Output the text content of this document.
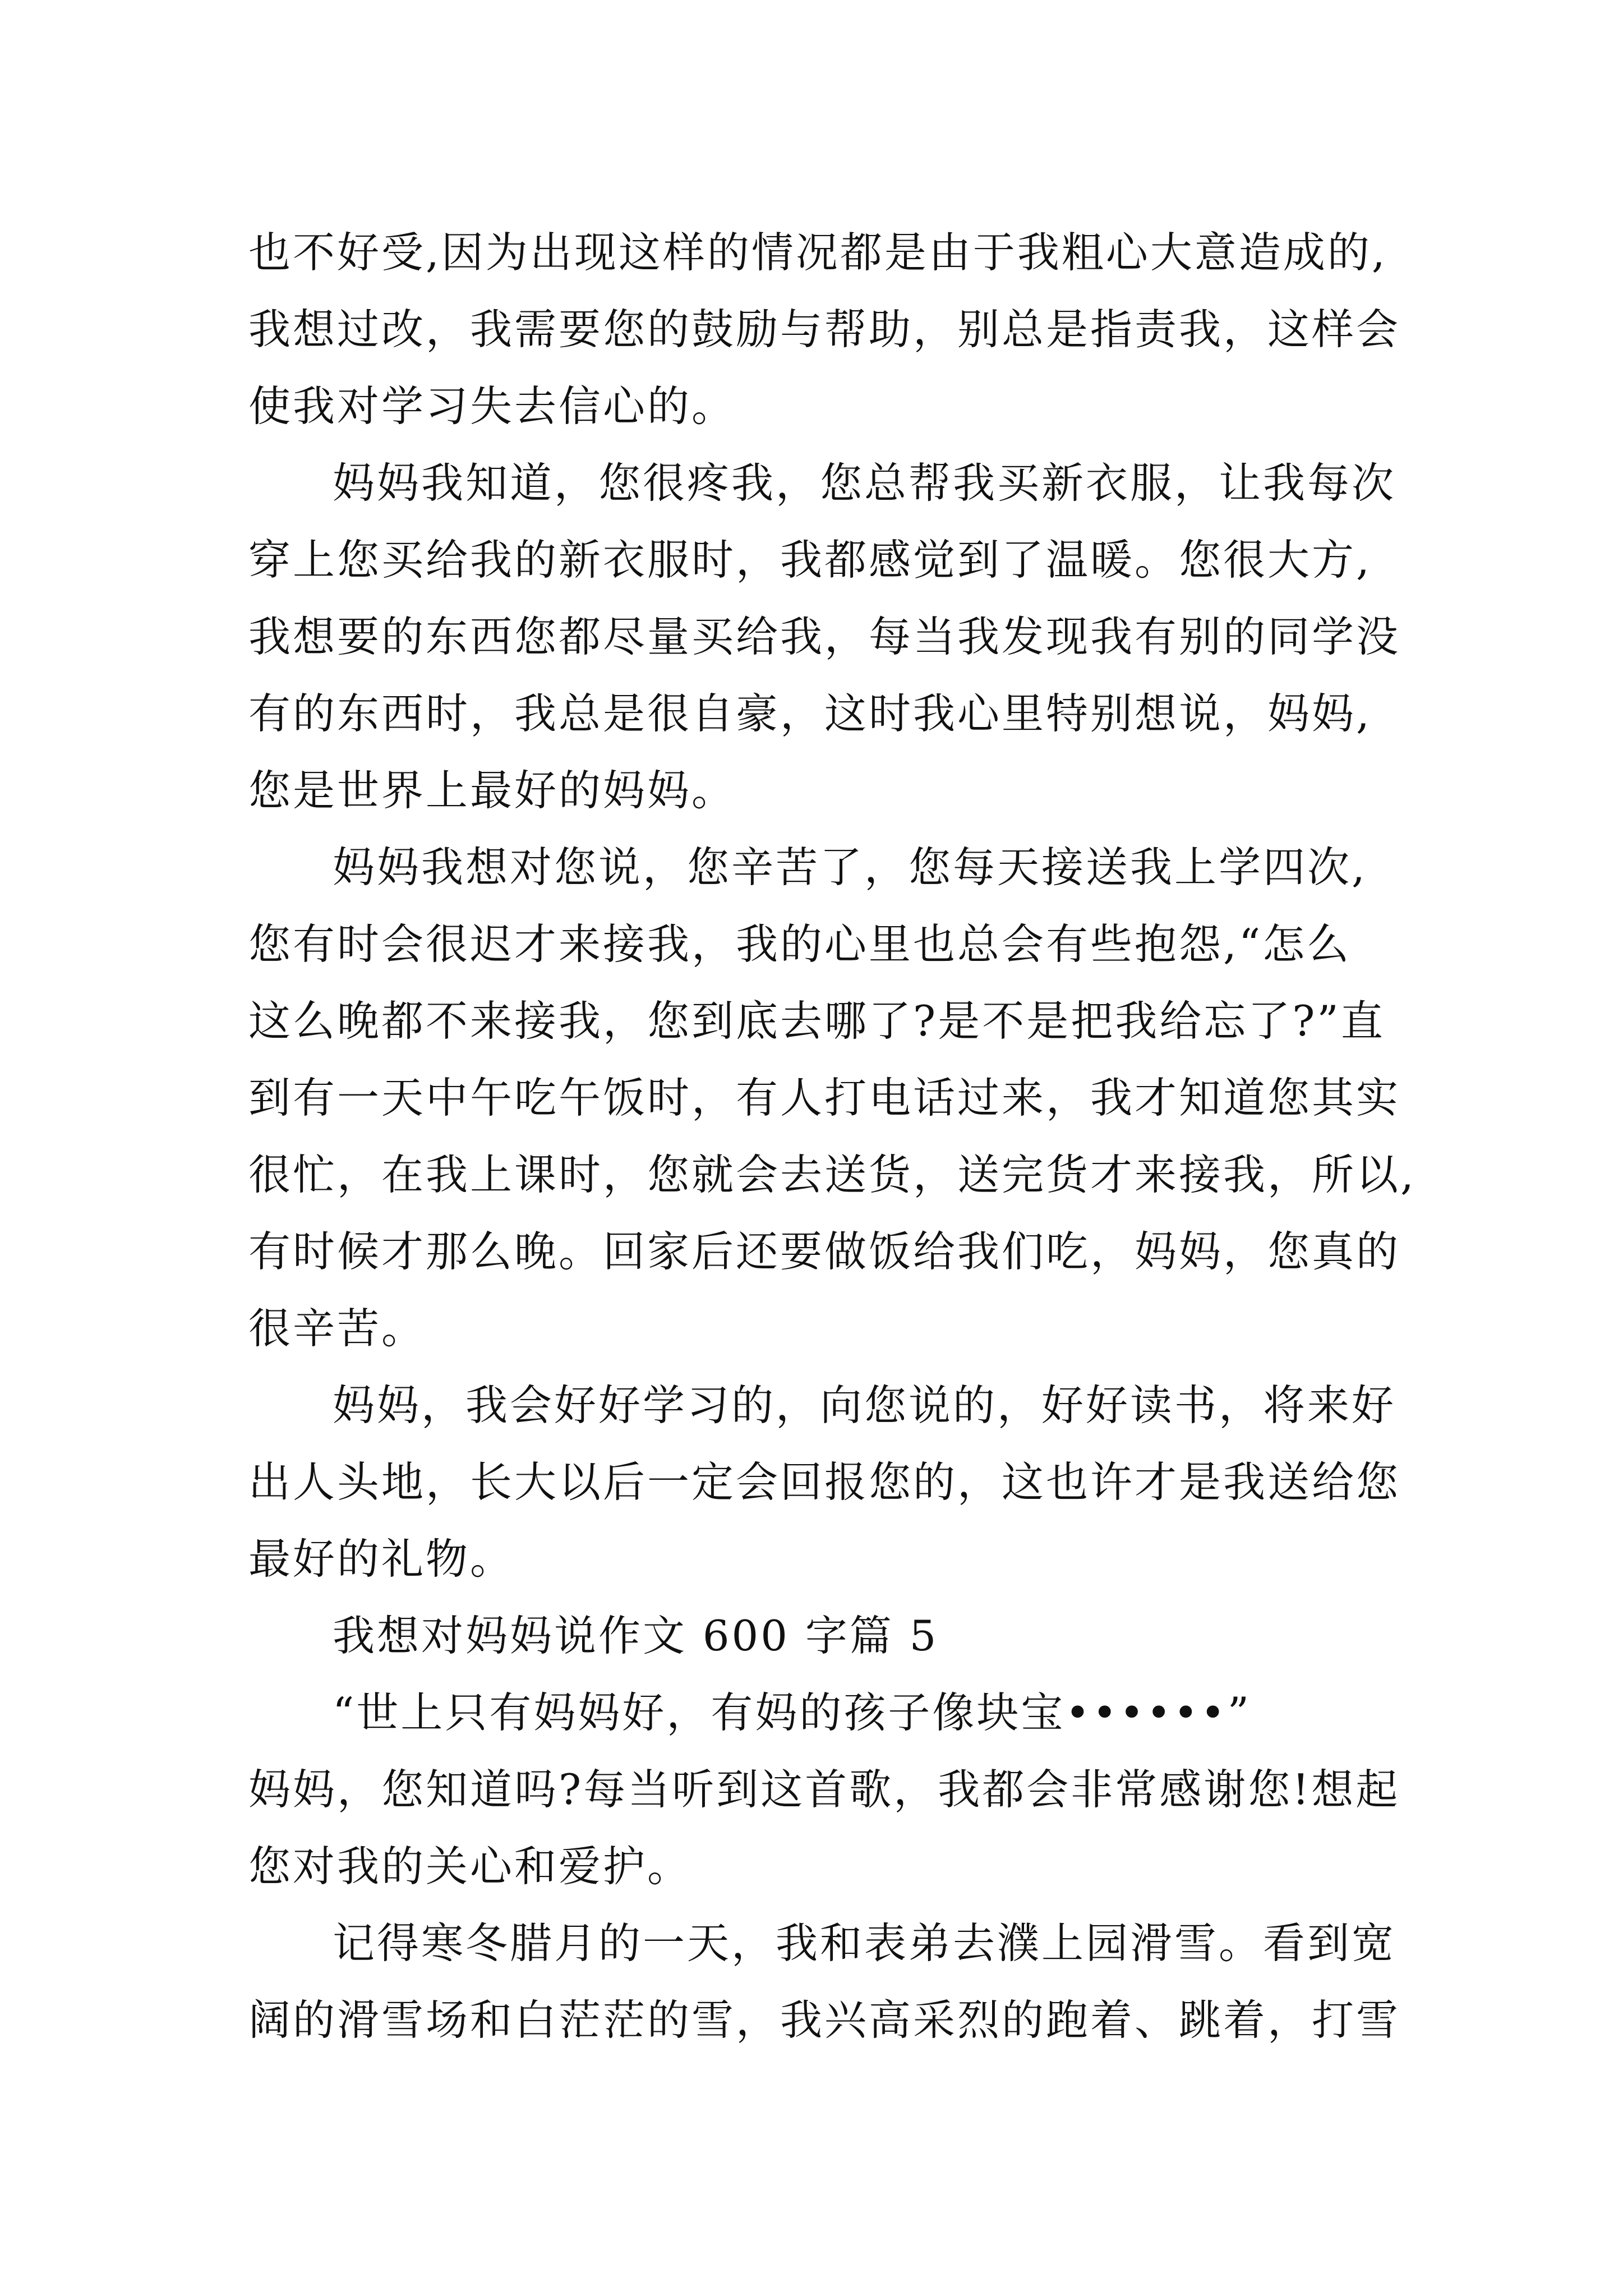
也不好受,因为出现这样的情况都是由于我粗心大意造成的,
我想过改，我需要您的鼓励与帮助，别总是指责我，这样会
使我对学习失去信心的。

妈妈我知道，您很疼我，您总帮我买新衣服，让我每次
穿上您买给我的新衣服时，我都感觉到了温暖。您很大方,
我想要的东西您都尽量买给我，每当我发现我有别的同学没
有的东西时，我总是很自豪，这时我心里特别想说，妈妈,
您是世界上最好的妈妈。

妈妈我想对您说，您辛苦了，您每天接送我上学四次,
您有时会很迟才来接我，我的心里也总会有些抱怨,“怎么
这么晚都不来接我，您到底去哪了?是不是把我给忘了?”直
到有一天中午吃午饭时，有人打电话过来，我才知道您其实
很忙，在我上课时，您就会去送货，送完货才来接我，所以,
有时候才那么晚。回家后还要做饭给我们吃，妈妈，您真的
很辛苦。

妈妈，我会好好学习的，向您说的，好好读书，将来好
出人头地，长大以后一定会回报您的，这也许才是我送给您
最好的礼物。

我想对妈妈说作文 600 字篇 5

“世上只有妈妈好，有妈的孩子像块宝••••••”
妈妈，您知道吗?每当听到这首歌，我都会非常感谢您!想起
您对我的关心和爱护。

记得寒冬腊月的一天，我和表弟去濮上园滑雪。看到宽
阔的滑雪场和白茫茫的雪，我兴高采烈的跑着、跳着，打雪
